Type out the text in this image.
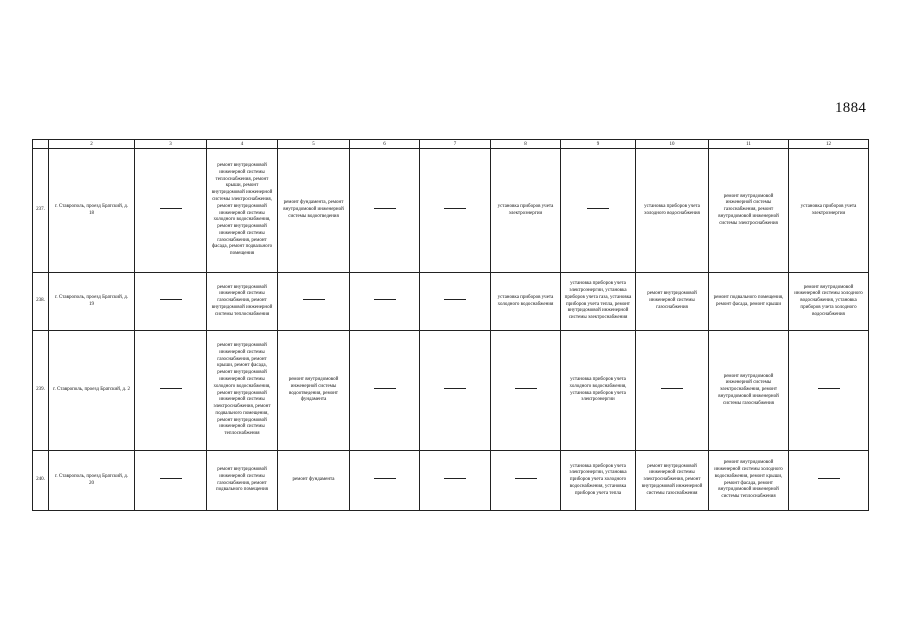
1884
	2	3	4	5	6	7	8	9	10	11	12

237.	г. Ставрополь, проезд Братский, д. 18		ремонт внутридомовой инженерной системы теплоснабжения, ремонт крыши, ремонт внутридомовой инженерной системы электроснабжения, ремонт внутридомовой инженерной системы холодного водоснабжения, ремонт внутридомовой инженерной системы газоснабжения, ремонт фасада, ремонт подвального помещения	ремонт фундамента, ремонт внутридомовой инженерной системы водоотведения			установка приборов учета электроэнергии		установка приборов учета холодного водоснабжения	ремонт внутридомовой инженерной системы газоснабжения, ремонт внутридомовой инженерной системы электроснабжения	установка приборов учета электроэнергии

238.	г. Ставрополь, проезд Братский, д. 19		ремонт внутридомовой инженерной системы газоснабжения, ремонт внутридомовой инженерной системы теплоснабжения				установка приборов учета холодного водоснабжения	установка приборов учета электроэнергии, установка приборов учета газа, установка приборов учета тепла, ремонт внутридомовой инженерной системы электроснабжения	ремонт внутридомовой инженерной системы газоснабжения	ремонт подвального помещения, ремонт фасада, ремонт крыши	ремонт внутридомовой инженерной системы холодного водоснабжения, установка приборов учета холодного водоснабжения

239.	г. Ставрополь, проезд Братский, д. 2		ремонт внутридомовой инженерной системы газоснабжения, ремонт крыши, ремонт фасада, ремонт внутридомовой инженерной системы холодного водоснабжения, ремонт внутридомовой инженерной системы электроснабжения, ремонт подвального помещения, ремонт внутридомовой инженерной системы теплоснабжения	ремонт внутридомовой инженерной системы водоотведения, ремонт фундамента				установка приборов учета холодного водоснабжения, установка приборов учета электроэнергии		ремонт внутридомовой инженерной системы электроснабжения, ремонт внутридомовой инженерной системы газоснабжения	

240.	г. Ставрополь, проезд Братский, д. 20		ремонт внутридомовой инженерной системы газоснабжения, ремонт подвального помещения	ремонт фундамента				установка приборов учета электроэнергии, установка приборов учета холодного водоснабжения, установка приборов учета тепла	ремонт внутридомовой инженерной системы электроснабжения, ремонт внутридомовой инженерной системы газоснабжения	ремонт внутридомовой инженерной системы холодного водоснабжения, ремонт крыши, ремонт фасада, ремонт внутридомовой инженерной системы теплоснабжения	
